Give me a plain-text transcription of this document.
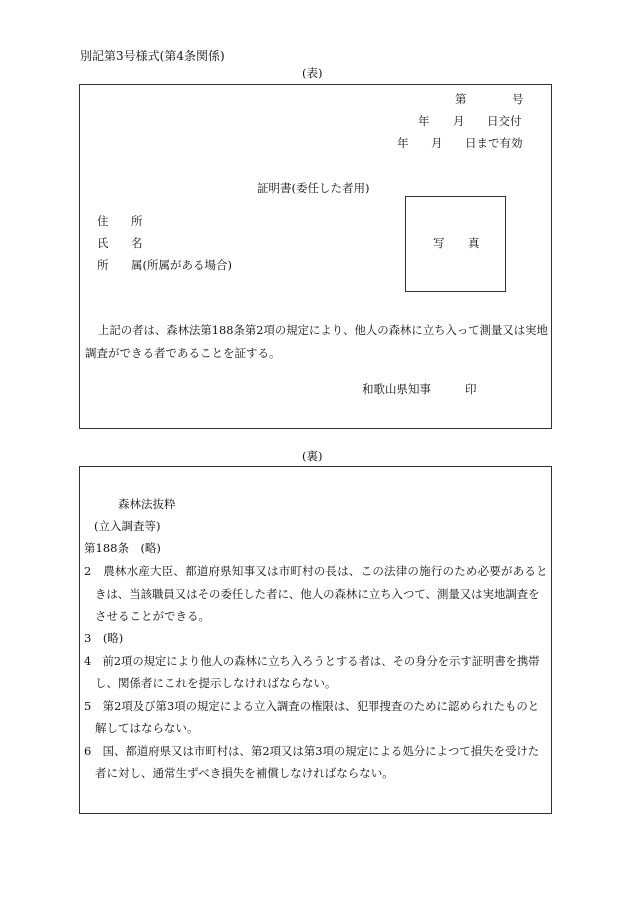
別記第3号様式(第4条関係)
(表)
第	号
年 月 日交付
年 月 日まで有効
証明書(委任した者用)
写 真
住 所
氏 名
所 属(所属がある場合)
上記の者は、森林法第188条第2項の規定により、他人の森林に立ち入って測量又は実地
調査ができる者であることを証する。
和歌山県知事	印
(裏)
森林法抜粋
(立入調査等)
第188条　(略)
2　農林水産大臣、都道府県知事又は市町村の長は、この法律の施行のため必要があると
きは、当該職員又はその委任した者に、他人の森林に立ち入つて、測量又は実地調査を
させることができる。
3　(略)
4　前2項の規定により他人の森林に立ち入ろうとする者は、その身分を示す証明書を携帯
し、関係者にこれを提示しなければならない。
5　第2項及び第3項の規定による立入調査の権限は、犯罪捜査のために認められたものと
解してはならない。
6　国、都道府県又は市町村は、第2項又は第3項の規定による処分によつて損失を受けた
者に対し、通常生ずべき損失を補償しなければならない。
